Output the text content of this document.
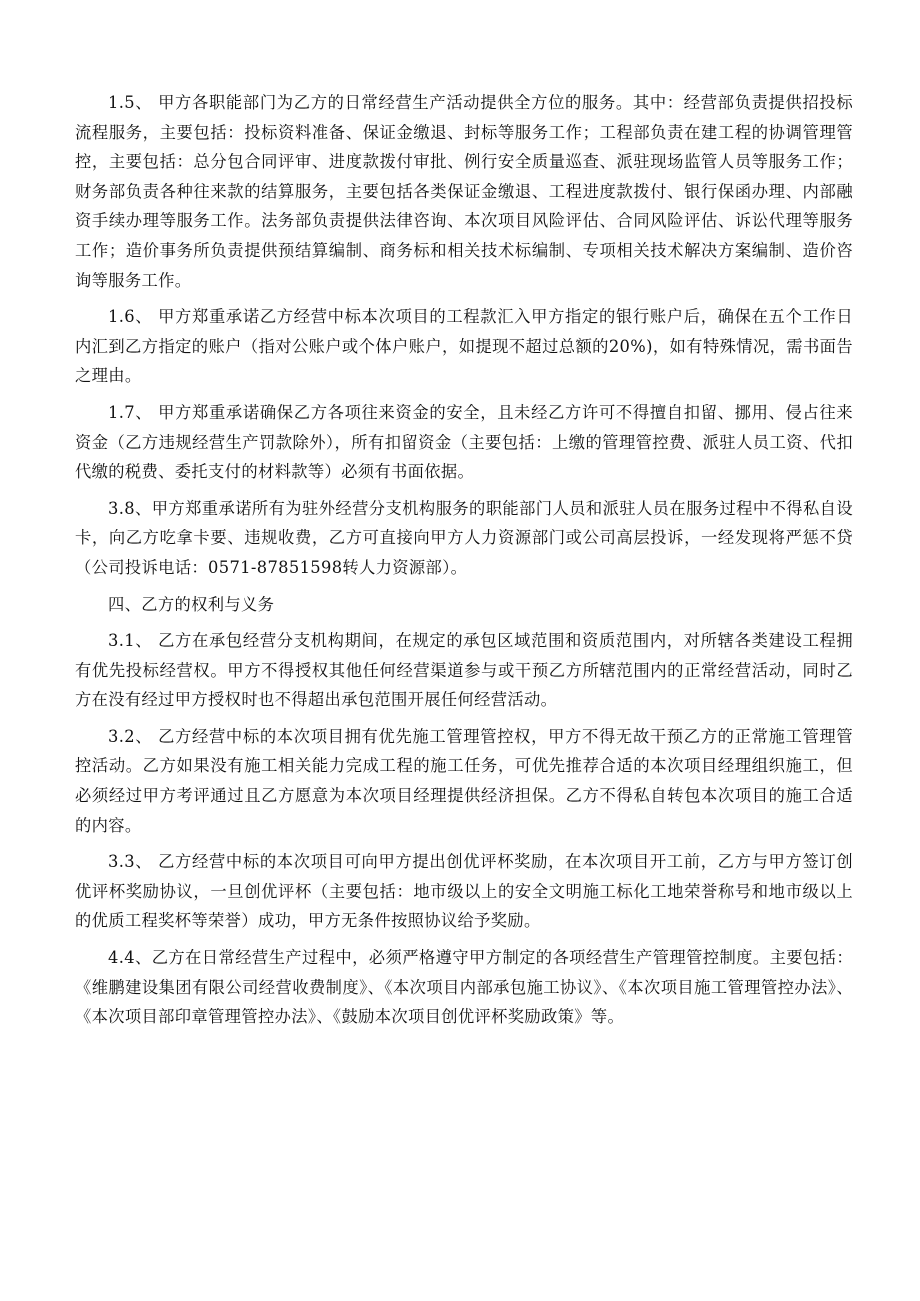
1.5、 甲方各职能部门为乙方的日常经营生产活动提供全方位的服务。其中：经营部负责提供招投标流程服务，主要包括：投标资料准备、保证金缴退、封标等服务工作；工程部负责在建工程的协调管理管控，主要包括：总分包合同评审、进度款拨付审批、例行安全质量巡查、派驻现场监管人员等服务工作；财务部负责各种往来款的结算服务，主要包括各类保证金缴退、工程进度款拨付、银行保函办理、内部融资手续办理等服务工作。法务部负责提供法律咨询、本次项目风险评估、合同风险评估、诉讼代理等服务工作；造价事务所负责提供预结算编制、商务标和相关技术标编制、专项相关技术解决方案编制、造价咨询等服务工作。

1.6、 甲方郑重承诺乙方经营中标本次项目的工程款汇入甲方指定的银行账户后，确保在五个工作日内汇到乙方指定的账户（指对公账户或个体户账户，如提现不超过总额的20%)，如有特殊情况，需书面告之理由。

1.7、 甲方郑重承诺确保乙方各项往来资金的安全，且未经乙方许可不得擅自扣留、挪用、侵占往来资金（乙方违规经营生产罚款除外），所有扣留资金（主要包括：上缴的管理管控费、派驻人员工资、代扣代缴的税费、委托支付的材料款等）必须有书面依据。

3.8、甲方郑重承诺所有为驻外经营分支机构服务的职能部门人员和派驻人员在服务过程中不得私自设卡，向乙方吃拿卡要、违规收费，乙方可直接向甲方人力资源部门或公司高层投诉，一经发现将严惩不贷（公司投诉电话：0571-87851598转人力资源部）。

四、乙方的权利与义务

3.1、 乙方在承包经营分支机构期间，在规定的承包区域范围和资质范围内，对所辖各类建设工程拥有优先投标经营权。甲方不得授权其他任何经营渠道参与或干预乙方所辖范围内的正常经营活动，同时乙方在没有经过甲方授权时也不得超出承包范围开展任何经营活动。

3.2、 乙方经营中标的本次项目拥有优先施工管理管控权，甲方不得无故干预乙方的正常施工管理管控活动。乙方如果没有施工相关能力完成工程的施工任务，可优先推荐合适的本次项目经理组织施工，但必须经过甲方考评通过且乙方愿意为本次项目经理提供经济担保。乙方不得私自转包本次项目的施工合适的内容。

3.3、 乙方经营中标的本次项目可向甲方提出创优评杯奖励，在本次项目开工前，乙方与甲方签订创优评杯奖励协议，一旦创优评杯（主要包括：地市级以上的安全文明施工标化工地荣誉称号和地市级以上的优质工程奖杯等荣誉）成功，甲方无条件按照协议给予奖励。

4.4、乙方在日常经营生产过程中，必须严格遵守甲方制定的各项经营生产管理管控制度。主要包括：《维鹏建设集团有限公司经营收费制度》、《本次项目内部承包施工协议》、《本次项目施工管理管控办法》、《本次项目部印章管理管控办法》、《鼓励本次项目创优评杯奖励政策》等。
